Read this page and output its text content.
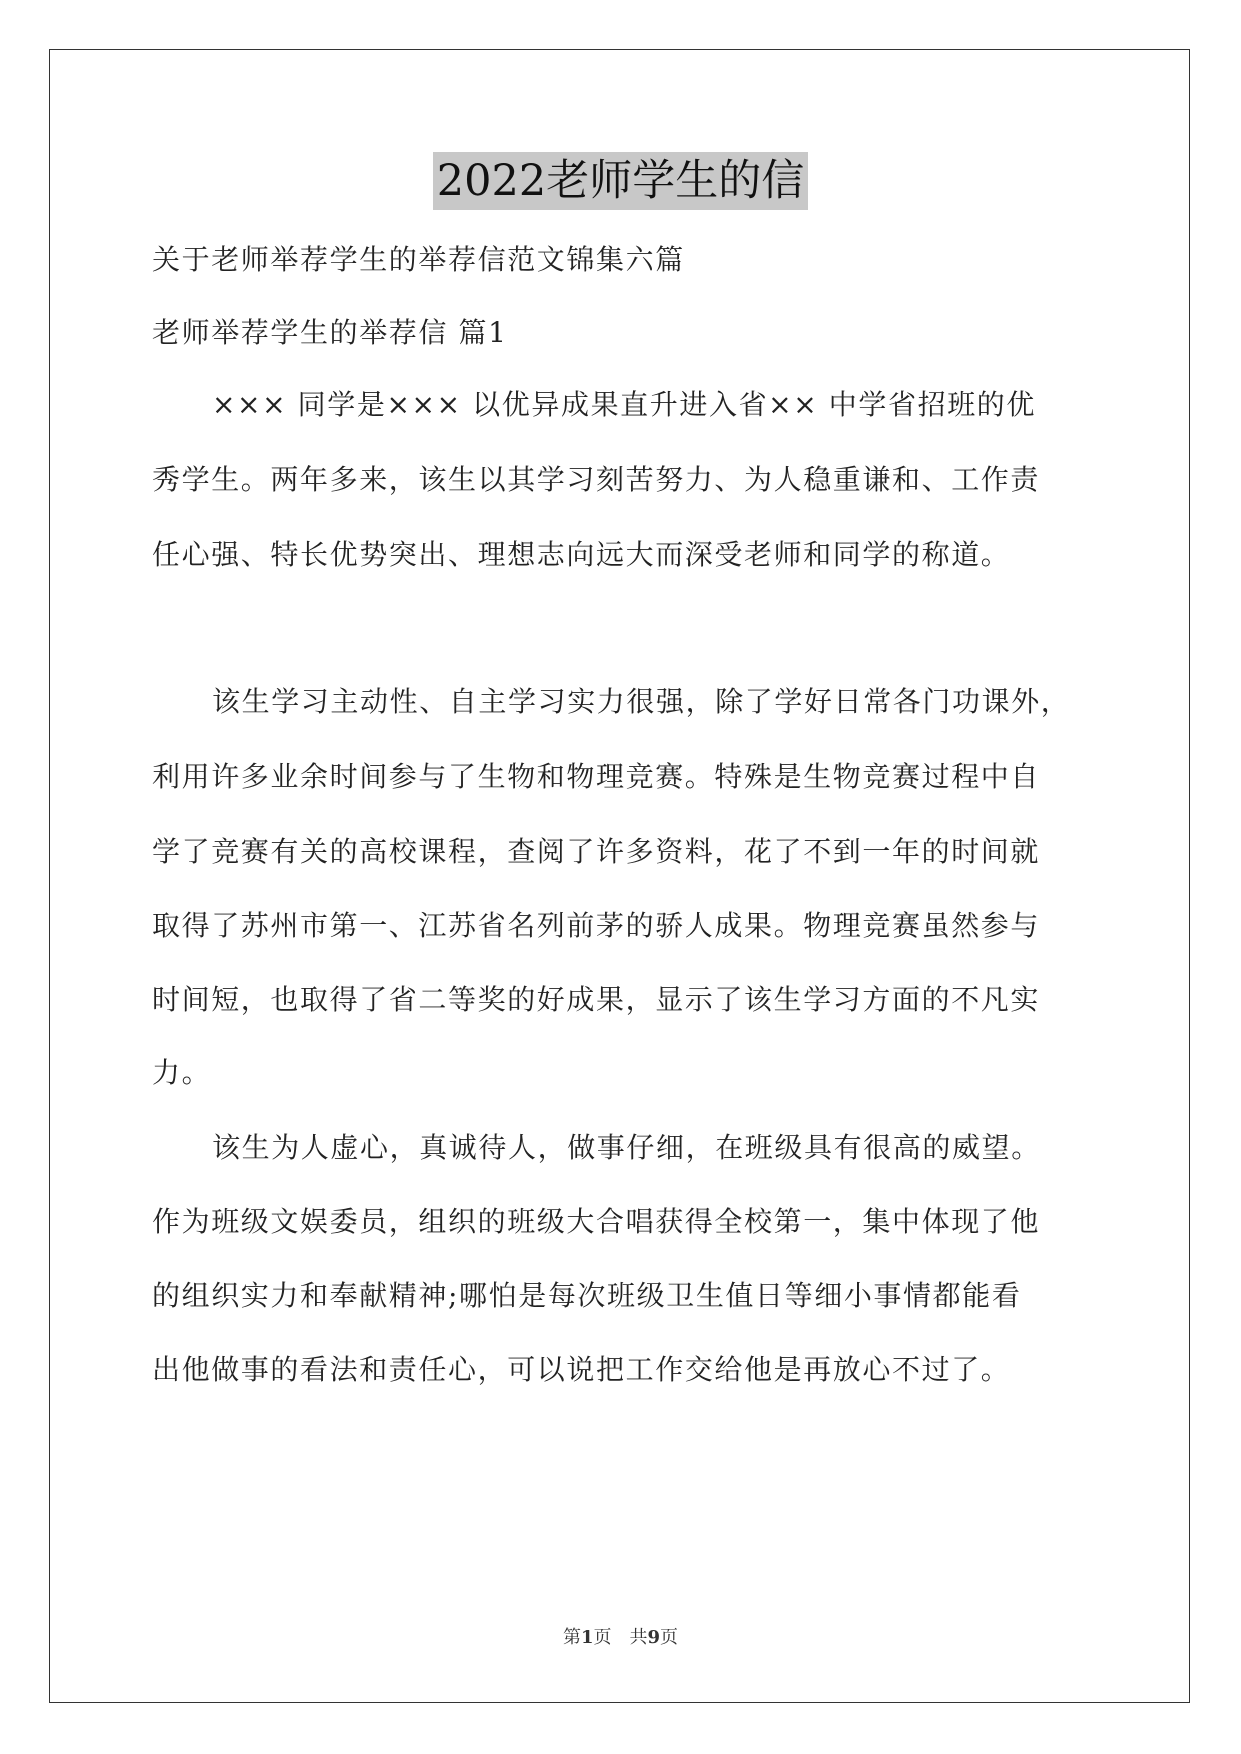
2022老师学生的信
关于老师举荐学生的举荐信范文锦集六篇
老师举荐学生的举荐信 篇1
××× 同学是××× 以优异成果直升进入省×× 中学省招班的优
秀学生。两年多来，该生以其学习刻苦努力、为人稳重谦和、工作责
任心强、特长优势突出、理想志向远大而深受老师和同学的称道。
该生学习主动性、自主学习实力很强，除了学好日常各门功课外，
利用许多业余时间参与了生物和物理竞赛。特殊是生物竞赛过程中自
学了竞赛有关的高校课程，查阅了许多资料，花了不到一年的时间就
取得了苏州市第一、江苏省名列前茅的骄人成果。物理竞赛虽然参与
时间短，也取得了省二等奖的好成果，显示了该生学习方面的不凡实
力。
该生为人虚心，真诚待人，做事仔细，在班级具有很高的威望。
作为班级文娱委员，组织的班级大合唱获得全校第一，集中体现了他
的组织实力和奉献精神;哪怕是每次班级卫生值日等细小事情都能看
出他做事的看法和责任心，可以说把工作交给他是再放心不过了。
第1页　共9页
